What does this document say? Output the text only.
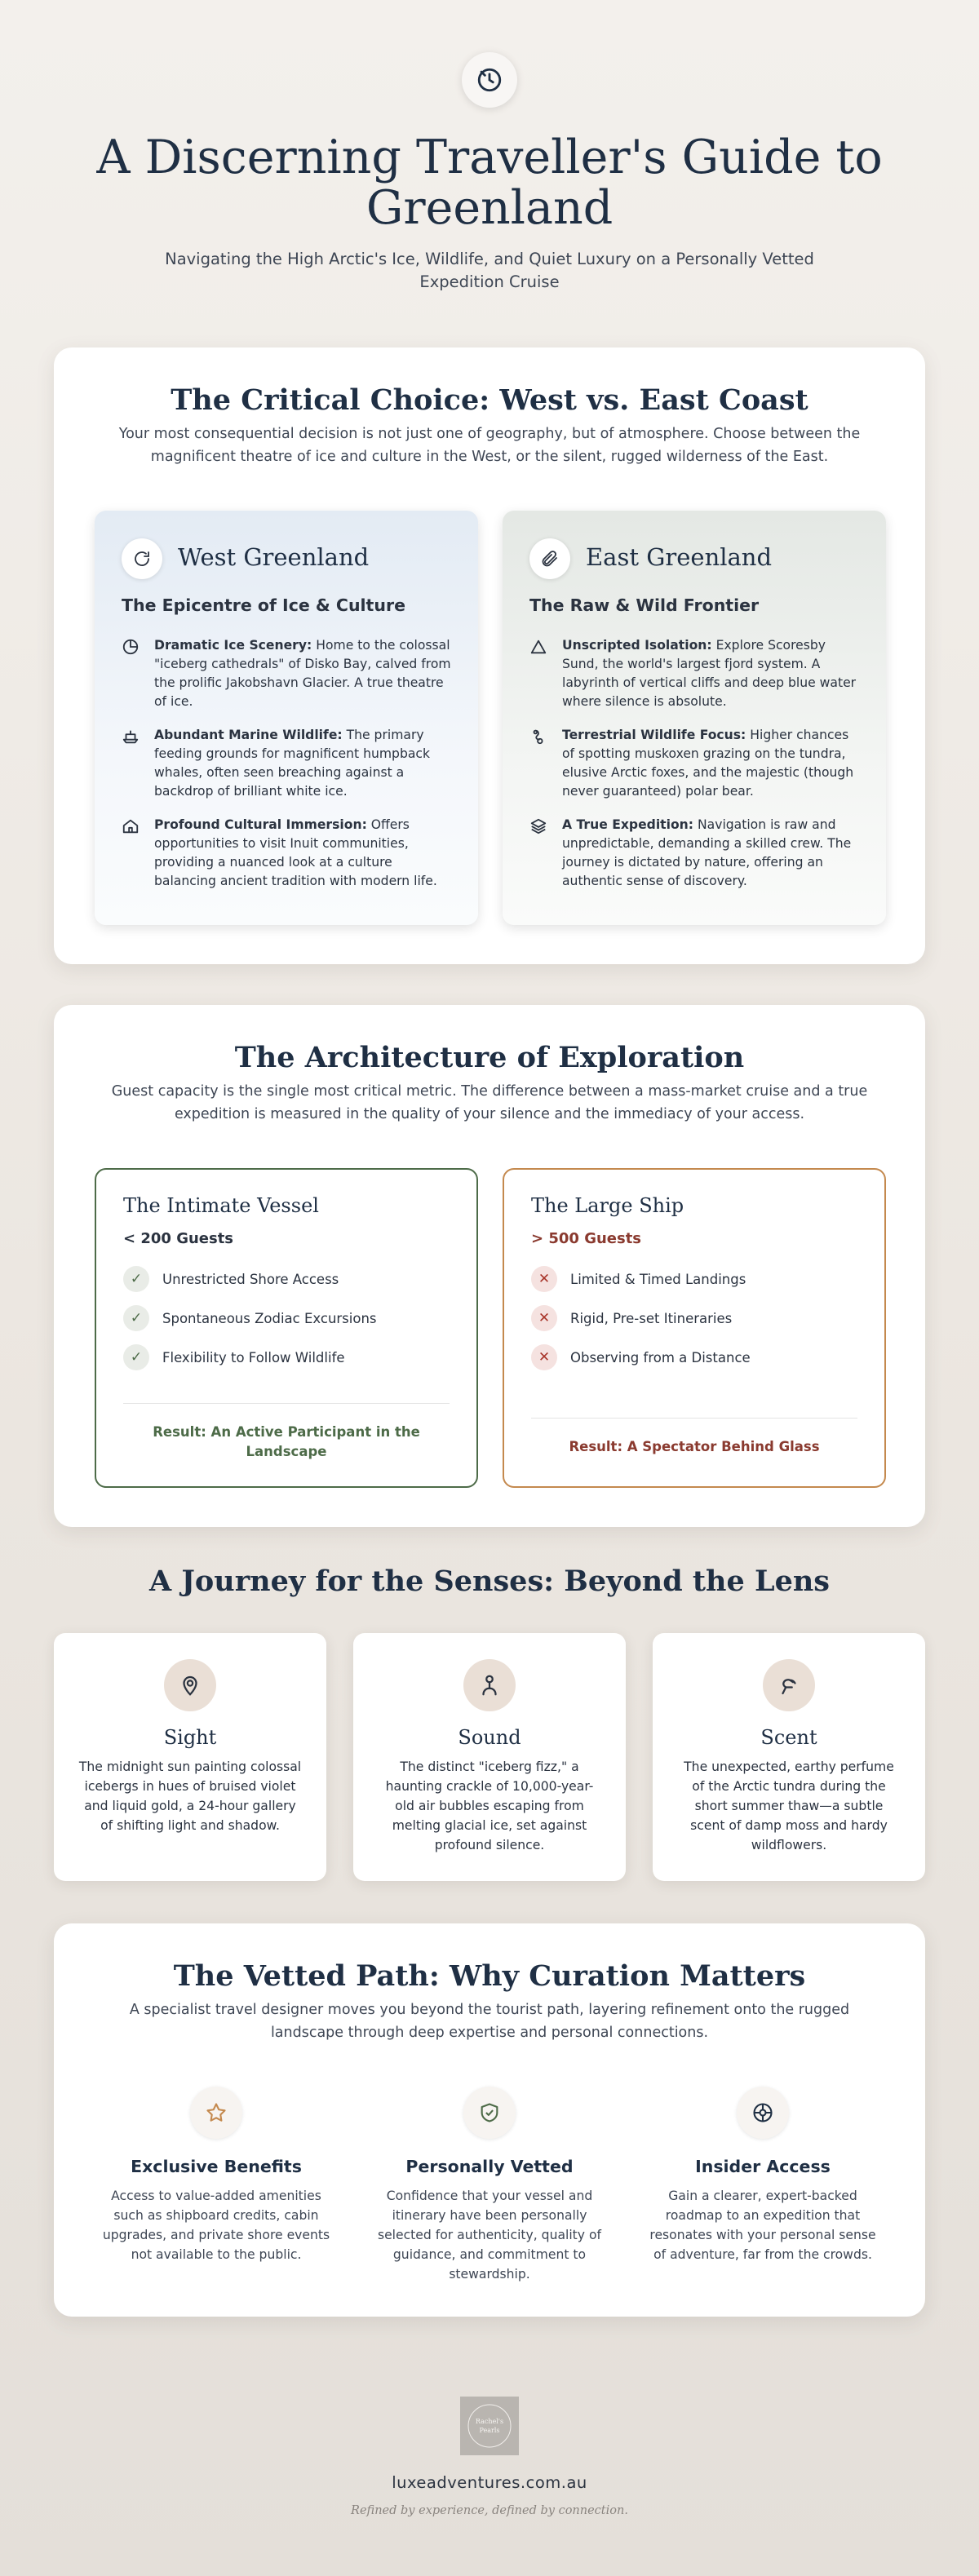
A Discerning Traveller's Guide to Greenland

Navigating the High Arctic's Ice, Wildlife, and Quiet Luxury on a Personally Vetted Expedition Cruise

The Critical Choice: West vs. East Coast

Your most consequential decision is not just one of geography, but of atmosphere. Choose between the magnificent theatre of ice and culture in the West, or the silent, rugged wilderness of the East.

West Greenland
The Epicentre of Ice & Culture

Dramatic Ice Scenery: Home to the colossal "iceberg cathedrals" of Disko Bay, calved from the prolific Jakobshavn Glacier. A true theatre of ice.

Abundant Marine Wildlife: The primary feeding grounds for magnificent humpback whales, often seen breaching against a backdrop of brilliant white ice.

Profound Cultural Immersion: Offers opportunities to visit Inuit communities, providing a nuanced look at a culture balancing ancient tradition with modern life.

East Greenland
The Raw & Wild Frontier

Unscripted Isolation: Explore Scoresby Sund, the world's largest fjord system. A labyrinth of vertical cliffs and deep blue water where silence is absolute.

Terrestrial Wildlife Focus: Higher chances of spotting muskoxen grazing on the tundra, elusive Arctic foxes, and the majestic (though never guaranteed) polar bear.

A True Expedition: Navigation is raw and unpredictable, demanding a skilled crew. The journey is dictated by nature, offering an authentic sense of discovery.

The Architecture of Exploration

Guest capacity is the single most critical metric. The difference between a mass-market cruise and a true expedition is measured in the quality of your silence and the immediacy of your access.

The Intimate Vessel
< 200 Guests
✓	Unrestricted Shore Access
✓	Spontaneous Zodiac Excursions
✓	Flexibility to Follow Wildlife
Result: An Active Participant in the Landscape
The Large Ship
> 500 Guests
✕	Limited & Timed Landings
✕	Rigid, Pre-set Itineraries
✕	Observing from a Distance
Result: A Spectator Behind Glass
A Journey for the Senses: Beyond the Lens
Sight

The midnight sun painting colossal icebergs in hues of bruised violet and liquid gold, a 24-hour gallery of shifting light and shadow.

Sound

The distinct "iceberg fizz," a haunting crackle of 10,000-year-old air bubbles escaping from melting glacial ice, set against profound silence.

Scent

The unexpected, earthy perfume of the Arctic tundra during the short summer thaw—a subtle scent of damp moss and hardy wildflowers.

The Vetted Path: Why Curation Matters

A specialist travel designer moves you beyond the tourist path, layering refinement onto the rugged landscape through deep expertise and personal connections.

Exclusive Benefits

Access to value-added amenities such as shipboard credits, cabin upgrades, and private shore events not available to the public.

Personally Vetted

Confidence that your vessel and itinerary have been personally selected for authenticity, quality of guidance, and commitment to stewardship.

Insider Access

Gain a clearer, expert-backed roadmap to an expedition that resonates with your personal sense of adventure, far from the crowds.

Rachel's
Pearls
luxeadventures.com.au

Refined by experience, defined by connection.
